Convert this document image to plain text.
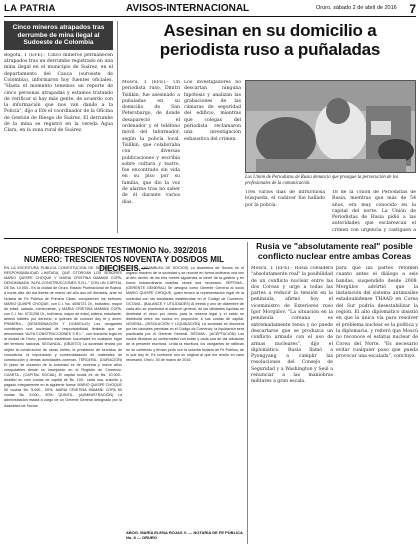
LA PATRIA	AVISOS-INTERNACIONAL	Oruro, sábado 2 de abril de 2016 7
Cinco mineros atrapados tras derrumbe de mina ilegal al Sudoeste de Colombia
Bogotá, 1 (EFE).- Cinco mineros permanecen atrapados tras un derrumbe registrado en una mina ilegal en el municipio de Suárez, en el departamento del Cauca (suroeste de Colombia), informaron hoy fuentes oficiales. "Hasta el momento tenemos un reporte de cinco personas atrapadas y estamos tratando de verificar si hay más gente, de acuerdo con la información que nos van dando a la Policía", dijo a Efe el coordinador de la Oficina de Gestión de Riesgo de Suárez. El derrumbe de la mina se registró en la vereda Agua Clara, en la zona rural de Suárez.
Asesinan en su domicilio a periodista ruso a puñaladas
Moscú, 1 (EFE).- Un periodista ruso, Dmitri Tsilikin, fue asesinado a puñaladas en su domicilio de San Petersburgo, de donde desapareció el ordenador y el teléfono móvil del informador, según la policía local. Tsilikin, que colaboraba con diversas publicaciones y escribía sobre cultura y teatro, fue encontrado sin vida en su piso por su familia, que dio la voz de alarma tras no saber de él durante varios días.
Los investigadores no descartan ninguna hipótesis y analizan las grabaciones de las cámaras de seguridad del edificio, mientras que colegas del periodista reclamaron una investigación exhaustiva del crimen.
Los Unión de Periodistas de Rusia denunció que prosigue la persecución de los profesionales de la comunicación.
Tres varios días de infructuosa búsqueda, el cadáver fue hallado por la policía.
18 de la Unión de Periodistas de Rusia, mientras que más de 54 años, era muy conocido en la capital del norte. La Unión de Periodistas de Rusia pidió a las autoridades que esclarezcan el crimen con urgencia y castiguen a
CORRESPONDE TESTIMONIO No. 392/2016
NUMERO: TRESCIENTOS NOVENTA Y DOS/DOS MIL DIECISEIS.—
EN LA ESCRITURA PUBLICA CONSTITUCIÓN DE SOCIEDAD DE RESPONSABILIDAD LIMITADA, QUE OTORGAN LOS SEÑORES MARIO QUISPE CHOQUE Y MARIA CRISTINA MAMANI COPA, DENOMINADA "ALFA CONSTRUCCIONES S.R.L." CON UN CAPITAL DE Bs. 10.000.- En la ciudad de Oruro, Estado Plurinacional de Bolivia, a horas diez del día treinta de marzo del año dos mil dieciséis, ante mí Notaria de Fe Pública de Primera Clase, comparecen los señores: MARIO QUISPE CHOQUE, con C.I. No. 4056721 Or., boliviano, mayor de edad, casado, comerciante; y MARIA CRISTINA MAMANI COPA, con C.I. No. 5731298 Or., boliviana, mayor de edad, soltera, estudiante, ambos hábiles por derecho, a quienes de conocer doy fe y dicen: PRIMERA.- (DENOMINACIÓN Y DOMICILIO) Los otorgantes constituyen una sociedad de responsabilidad limitada que se denominará "ALFA CONSTRUCCIONES S.R.L.", con domicilio legal en la ciudad de Oruro, pudiendo establecer sucursales en cualquier lugar del territorio nacional. SEGUNDA.- (OBJETO) La sociedad tendrá por objeto la construcción de obras civiles, la prestación de servicios de consultoría, la importación y comercialización de materiales de construcción y demás actividades conexas. TERCERA.- (DURACIÓN) El plazo de duración de la sociedad es de noventa y nueve años computables desde su inscripción en el Registro de Comercio. CUARTA.- (CAPITAL SOCIAL) El capital social es de Bs. 10.000.- dividido en cien cuotas de capital de Bs. 100.- cada una, suscrito y pagado íntegramente en la siguiente forma: MARIO QUISPE CHOQUE 50 cuotas Bs. 5.000.- 50%; MARIA CRISTINA MAMANI COPA 50 cuotas Bs. 5.000.- 50%. QUINTA.- (ADMINISTRACIÓN) La administración estará a cargo de un Gerente General designado por la Asamblea de Socios.
SEXTA.- (ASAMBLEA DE SOCIOS) La Asamblea de Socios es el órgano máximo de la sociedad y se reunirá en forma ordinaria una vez al año dentro de los tres meses siguientes al cierre de la gestión y en forma extraordinaria cuantas veces sea necesario. SÉPTIMA.- (GERENTE GENERAL) Se designa como Gerente General al socio MARIO QUISPE CHOQUE, quien tendrá la representación legal de la sociedad con las facultades establecidas en el Código de Comercio. OCTAVA.- (BALANCE Y UTILIDADES) Al treinta y uno de diciembre de cada año se practicará el balance general; de las utilidades líquidas se destinará el cinco por ciento para la reserva legal y el saldo se distribuirá entre los socios en proporción a sus cuotas de capital. NOVENA.- (DISOLUCIÓN Y LIQUIDACIÓN) La sociedad se disolverá por las causales previstas en el Código de Comercio; la liquidación será practicada por el Gerente General. DÉCIMA.- (ACEPTACIÓN) Los socios declaran su conformidad con todas y cada una de las cláusulas de la presente escritura. Leída la escritura, los otorgantes se ratifican en su contenido y firman junto con la suscrita Notaria de Fe Pública, de lo que doy fe. Es conforme con su original al que me remito en caso necesario. Oruro, 30 de marzo de 2016.
ABOG. MARÍA ELENA ROJAS V. — NOTARIA DE FE PÚBLICA No. 8 — ORURO
Rusia ve "absolutamente real" posible conflicto nuclear entre ambas Coreas
Moscú, 1 (EFE).- Rusia considera "absolutamente real" la posibilidad de un conflicto nuclear entre las dos Coreas y urge a todas las partes a reducir la tensión en la península, afirmó hoy el viceministro de Exteriores ruso Ígor Morgúlov. "La situación en la península coreana es extremadamente tensa y no puede descartarse que se produzca un conflicto armado con el uso de armas nucleares", dijo el diplomático. Rusia llamó a Pyongyang a cumplir las resoluciones del Consejo de Seguridad y a Washington y Seúl a renunciar a las maniobras militares a gran escala.
para que las partes retomen cuanto antes el diálogo a seis bandas, suspendido desde 2008. Morgúlov advirtió que la instalación del sistema antimisiles estadounidense THAAD en Corea del Sur podría desestabilizar la región. El alto diplomático insistió en que la única vía para resolver el problema nuclear es la política y la diplomacia, y reiteró que Moscú no reconoce el estatus nuclear de Corea del Norte. "Es necesario evitar cualquier paso que pueda provocar una escalada", concluyó.
